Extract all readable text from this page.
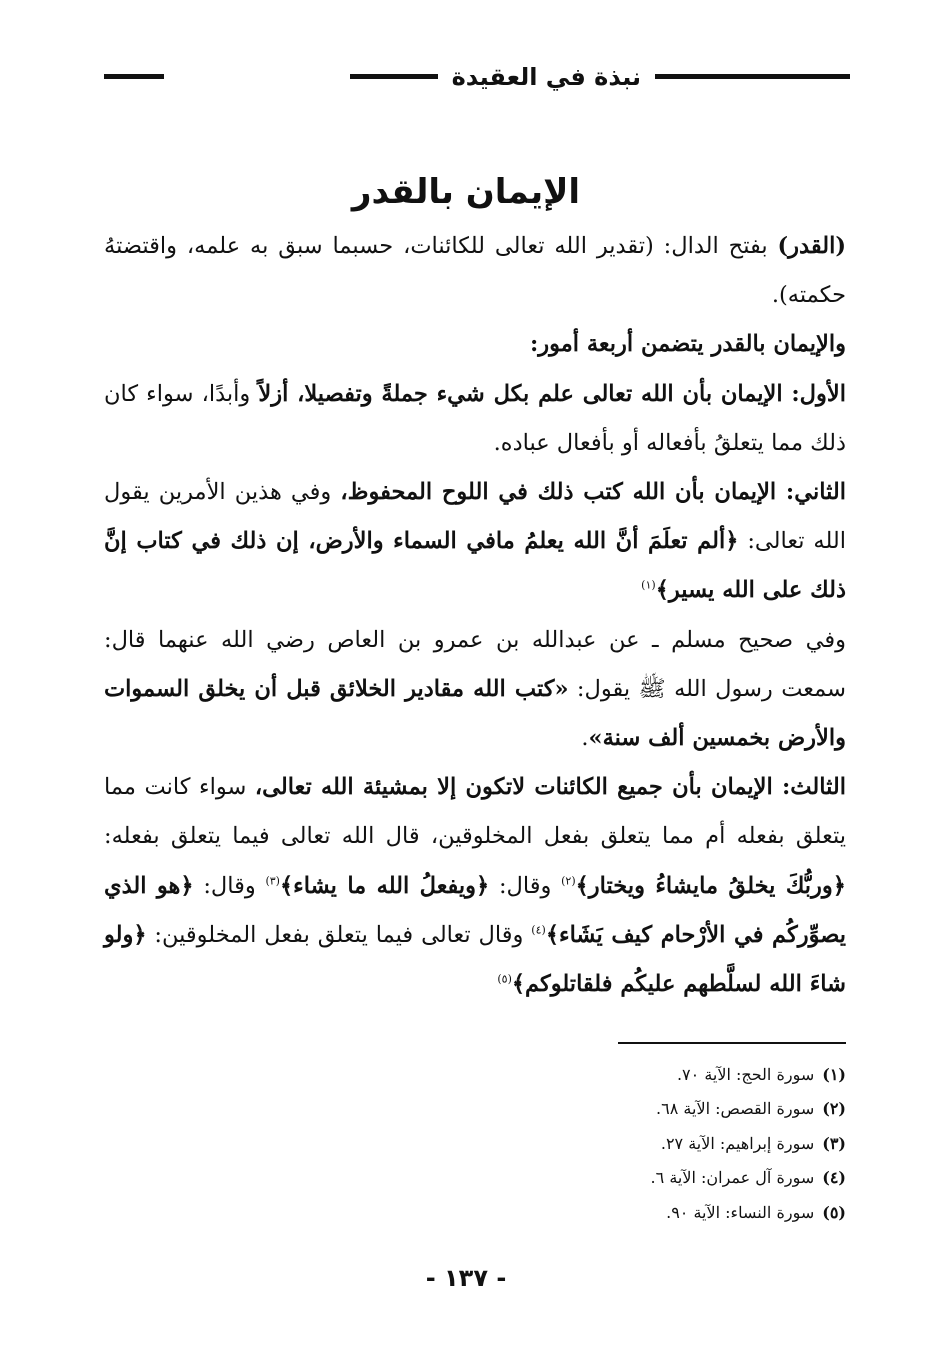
نبذة في العقيدة
الإيمان بالقدر

(القدر) بفتح الدال: (تقدير الله تعالى للكائنات، حسبما سبق به علمه، واقتضتهُ حكمته).

والإيمان بالقدر يتضمن أربعة أمور:

الأول: الإيمان بأن الله تعالى علم بكل شيء جملةً وتفصيلا، أزلاً وأبدًا، سواء كان ذلك مما يتعلقُ بأفعاله أو بأفعال عباده.

الثاني: الإيمان بأن الله كتب ذلك في اللوح المحفوظ، وفي هذين الأمرين يقول الله تعالى: ﴿ألم تعلَمَ أنَّ الله يعلمُ مافي السماء والأرض، إن ذلك في كتاب إنَّ ذلك على الله يسير﴾$^{(١)}$

وفي صحيح مسلم ـ عن عبدالله بن عمرو بن العاص رضي الله عنهما قال: سمعت رسول الله ﷺ يقول: «كتب الله مقادير الخلائق قبل أن يخلق السموات والأرض بخمسين ألف سنة».

الثالث: الإيمان بأن جميع الكائنات لاتكون إلا بمشيئة الله تعالى، سواء كانت مما يتعلق بفعله أم مما يتعلق بفعل المخلوقين، قال الله تعالى فيما يتعلق بفعله: ﴿وربُّكَ يخلقُ مايشاءُ ويختار﴾$^{(٢)}$ وقال: ﴿ويفعلُ الله ما يشاء﴾$^{(٣)}$ وقال: ﴿هو الذي يصوِّركُم في الأرْحام كيف يَشَاء﴾$^{(٤)}$ وقال تعالى فيما يتعلق بفعل المخلوقين: ﴿ولو شاءَ الله لسلَّطهم عليكُم فلقاتلوكم﴾$^{(٥)}$

(١)سورة الحج: الآية ٧٠.
(٢)سورة القصص: الآية ٦٨.
(٣)سورة إبراهيم: الآية ٢٧.
(٤)سورة آل عمران: الآية ٦.
(٥)سورة النساء: الآية ٩٠.
- ١٣٧ -
